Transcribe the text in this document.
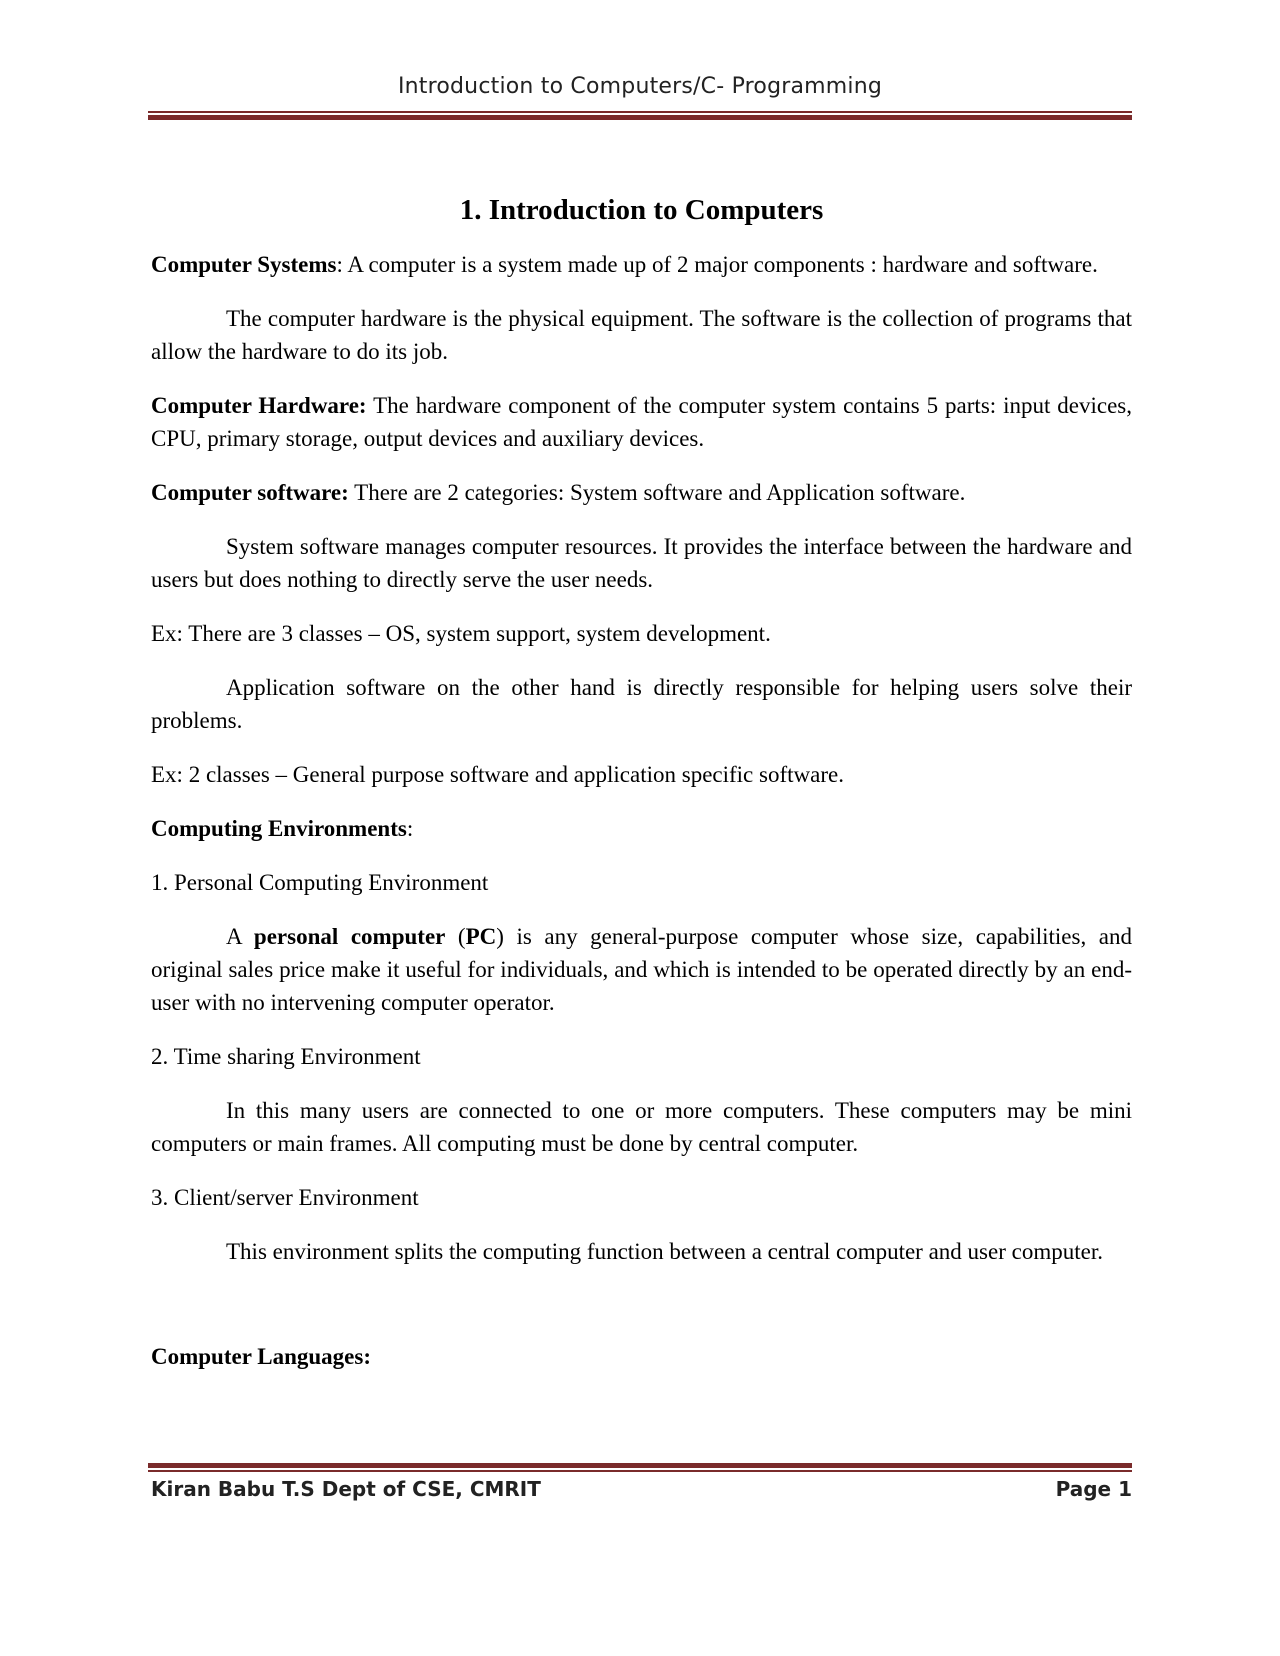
Introduction to Computers/C- Programming
1. Introduction to Computers

Computer Systems: A computer is a system made up of 2 major components : hardware and software.

The computer hardware is the physical equipment. The software is the collection of programs that allow the hardware to do its job.

Computer Hardware: The hardware component of the computer system contains 5 parts: input devices, CPU, primary storage, output devices and auxiliary devices.

Computer software: There are 2 categories: System software and Application software.

System software manages computer resources. It provides the interface between the hardware and users but does nothing to directly serve the user needs.

Ex: There are 3 classes – OS, system support, system development.

Application software on the other hand is directly responsible for helping users solve their problems.

Ex: 2 classes – General purpose software and application specific software.

Computing Environments:

1. Personal Computing Environment

A personal computer (PC) is any general-purpose computer whose size, capabilities, and original sales price make it useful for individuals, and which is intended to be operated directly by an end-user with no intervening computer operator.

2. Time sharing Environment

In this many users are connected to one or more computers. These computers may be mini computers or main frames. All computing must be done by central computer.

3. Client/server Environment

This environment splits the computing function between a central computer and user computer.

Computer Languages:

Kiran Babu T.S Dept of CSE, CMRIT	Page 1
